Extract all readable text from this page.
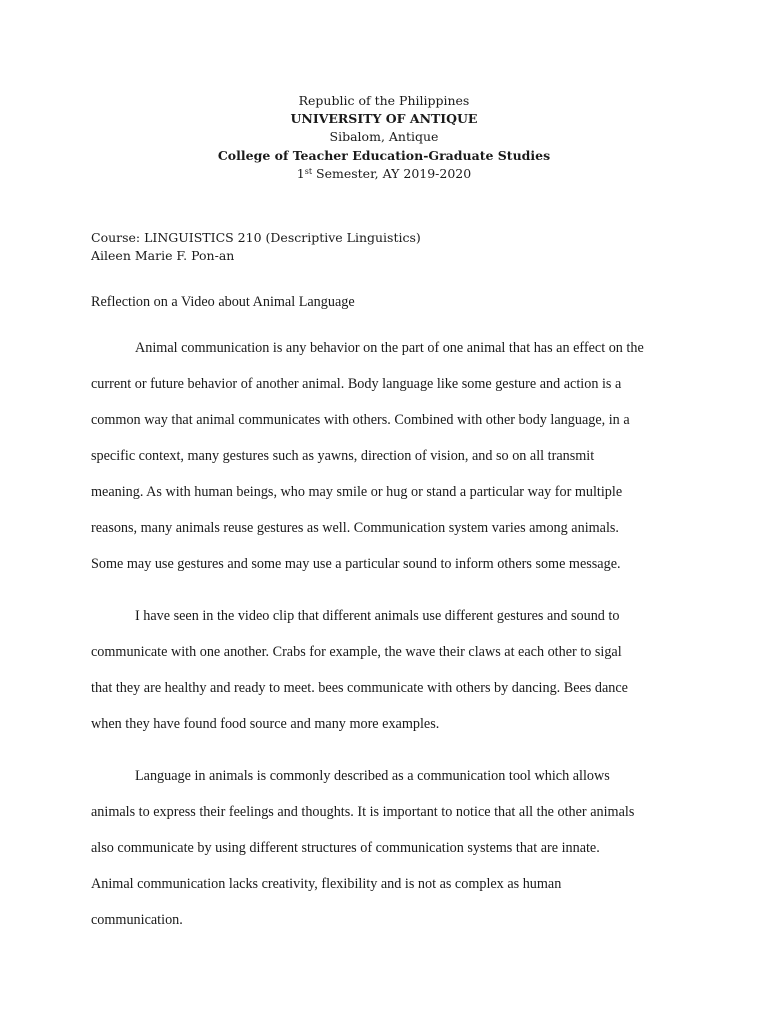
Republic of the Philippines
UNIVERSITY OF ANTIQUE
Sibalom, Antique
College of Teacher Education-Graduate Studies
1st Semester, AY 2019-2020
Course: LINGUISTICS 210 (Descriptive Linguistics)
Aileen Marie F. Pon-an
Reflection on a Video about Animal Language
Animal communication is any behavior on the part of one animal that has an effect on the
current or future behavior of another animal. Body language like some gesture and action is a
common way that animal communicates with others. Combined with other body language, in a
specific context, many gestures such as yawns, direction of vision, and so on all transmit
meaning. As with human beings, who may smile or hug or stand a particular way for multiple
reasons, many animals reuse gestures as well. Communication system varies among animals.
Some may use gestures and some may use a particular sound to inform others some message.
I have seen in the video clip that different animals use different gestures and sound to
communicate with one another. Crabs for example, the wave their claws at each other to sigal
that they are healthy and ready to meet. bees communicate with others by dancing. Bees dance
when they have found food source and many more examples.
Language in animals is commonly described as a communication tool which allows
animals to express their feelings and thoughts. It is important to notice that all the other animals
also communicate by using different structures of communication systems that are innate.
Animal communication lacks creativity, flexibility and is not as complex as human
communication.
